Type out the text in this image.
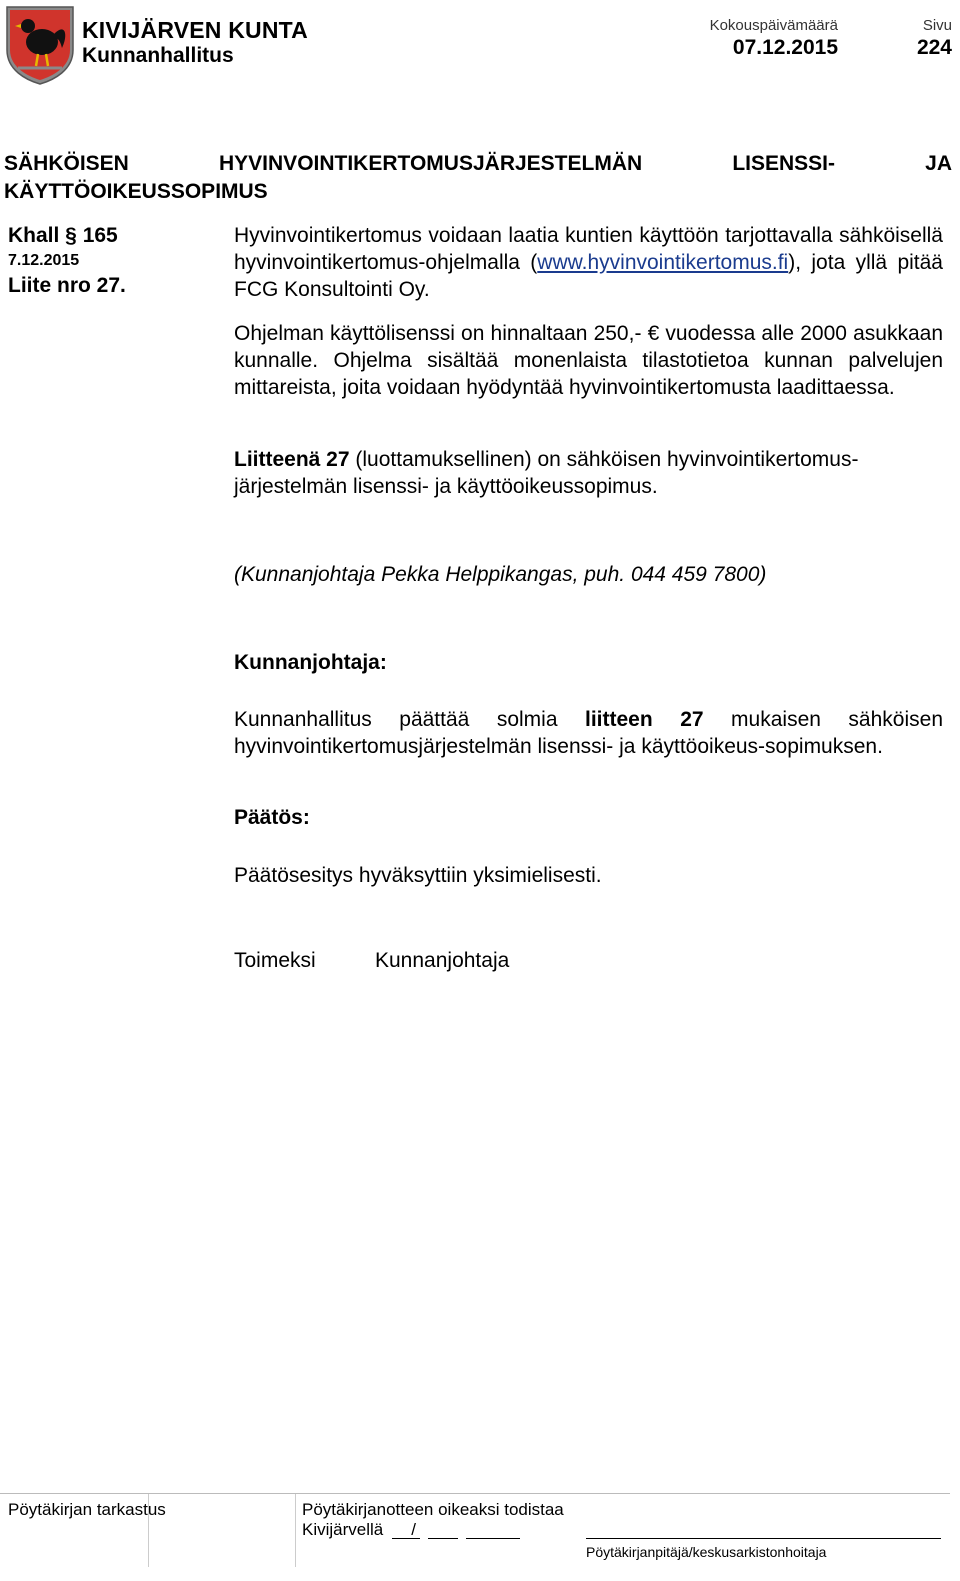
KIVIJÄRVEN KUNTA
Kunnanhallitus
Kokouspäivämäärä
07.12.2015
Sivu
224
SÄHKÖISEN HYVINVOINTIKERTOMUSJÄRJESTELMÄN LISENSSI- JA KÄYTTÖOIKEUSSOPIMUS
Khall § 165
7.12.2015
Liite nro 27.
Hyvinvointikertomus voidaan laatia kuntien käyttöön tarjottavalla sähköisellä hyvinvointikertomus-ohjelmalla (www.hyvinvointikertomus.fi), jota yllä pitää FCG Konsultointi Oy.
Ohjelman käyttölisenssi on hinnaltaan 250,- € vuodessa alle 2000 asukkaan kunnalle. Ohjelma sisältää monenlaista tilastotietoa kunnan palvelujen mittareista, joita voidaan hyödyntää hyvinvointikertomusta laadittaessa.
Liitteenä 27 (luottamuksellinen) on sähköisen hyvinvointikertomus-järjestelmän lisenssi- ja käyttöoikeussopimus.
(Kunnanjohtaja Pekka Helppikangas, puh. 044 459 7800)
Kunnanjohtaja:
Kunnanhallitus päättää solmia liitteen 27 mukaisen sähköisen hyvinvointikertomusjärjestelmän lisenssi- ja käyttöoikeus-sopimuksen.
Päätös:
Päätösesitys hyväksyttiin yksimielisesti.
Toimeksi	Kunnanjohtaja
Pöytäkirjan tarkastus	Pöytäkirjanotteen oikeaksi todistaa
Kivijärvellä /
Pöytäkirjanpitäjä/keskusarkistonhoitaja
